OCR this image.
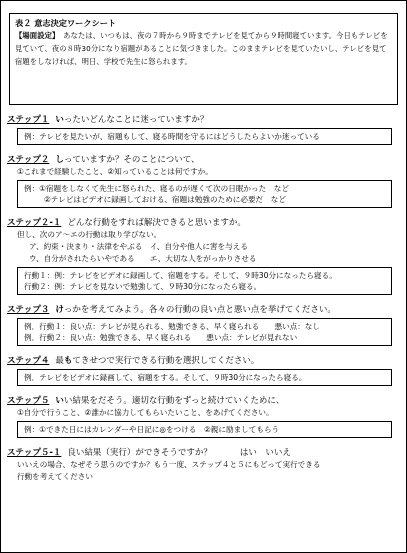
表２ 意志決定ワークシート
【場面設定】　 あなたは、いつもは、夜の７時から９時までテレビを見てから９時間寝ています。今日もテレビを見ていて、夜の８時30分になり宿題があることに気づきました。このままテレビを見ていたいし、テレビを見て宿題をしなければ、明日、学校で先生に怒られます。
ステップ１ いったいどんなことに迷っていますか？
例：テレビを見たいが、宿題もして、寝る時間を守るにはどうしたらよいか迷っている
ステップ２ しっていますか？そのことについて、
①これまで経験したこと、②知っていることは何ですか。
例：①宿題をしなくて先生に怒られた、寝るのが遅くて次の日眠かった　など
②テレビはビデオに録画しておける、宿題は勉強のために必要だ　など
ステップ２-１ どんな行動をすれば解決できると思いますか。
但し、次のア～エの行動は取り学びない。
ア、約束・決まり・法律をやぶる　イ、自分や他人に害を与える
ウ、自分がされたらいやである　　エ、大切な人をがっかりさせる
行動１：例：テレビをビデオに録画して、宿題をする。そして、９時30分になったら寝る。
行動２：例：テレビを見ないで勉強して、９時30分になったら寝る。
ステップ３ けっかを考えてみよう。各々の行動の良い点と悪い点を挙げてください。
例．行動１：良い点：テレビが見られる、勉強できる、早く寝られる　　悪い点：なし
例．行動２：良い点：勉強できる、早く寝られる　　悪い点：テレビが見れない
ステップ４ 最もてきせつで実行できる行動を選択してください。
例．テレビをビデオに録画して、宿題をする。そして、９時30分になったら寝る。
ステップ５ いい結果をだそう。適切な行動をずっと続けていくために、
①自分で行うこと、②誰かに協力してもらいたいこと、をあげてください。
例：①できた日にはカレンダーや日記に◎をつける　②親に励ましてもらう
ステップ５-１ 良い結果（実行）ができそうですか？	はい　 いいえ
いいえの場合、なぜそう思うのですか？もう一度、ステップ４と５にもどって実行できる
行動を考えてください
